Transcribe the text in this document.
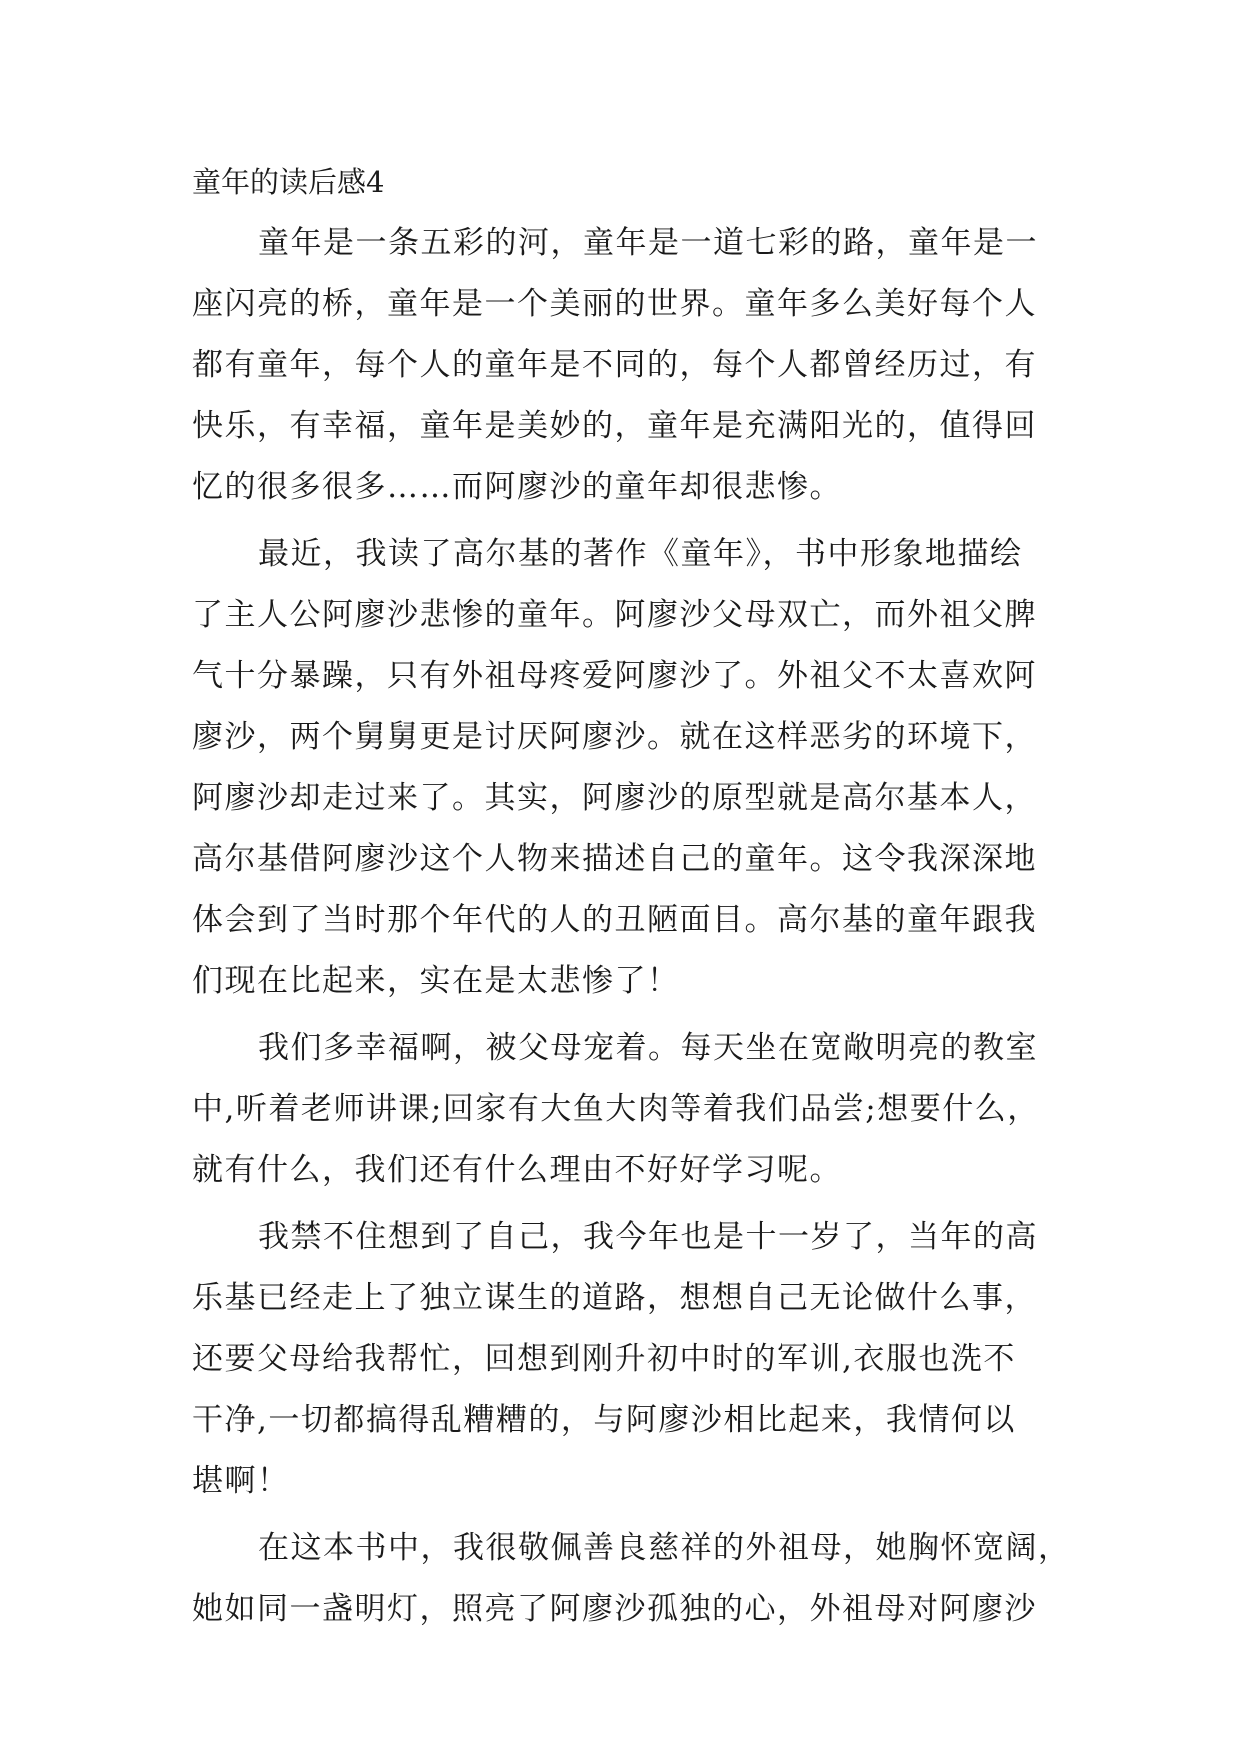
童年的读后感4

童年是一条五彩的河，童年是一道七彩的路，童年是一
座闪亮的桥，童年是一个美丽的世界。童年多么美好每个人
都有童年，每个人的童年是不同的，每个人都曾经历过，有
快乐，有幸福，童年是美妙的，童年是充满阳光的，值得回
忆的很多很多……而阿廖沙的童年却很悲惨。

最近，我读了高尔基的著作《童年》，书中形象地描绘
了主人公阿廖沙悲惨的童年。阿廖沙父母双亡，而外祖父脾
气十分暴躁，只有外祖母疼爱阿廖沙了。外祖父不太喜欢阿
廖沙，两个舅舅更是讨厌阿廖沙。就在这样恶劣的环境下，
阿廖沙却走过来了。其实，阿廖沙的原型就是高尔基本人，
高尔基借阿廖沙这个人物来描述自己的童年。这令我深深地
体会到了当时那个年代的人的丑陋面目。高尔基的童年跟我
们现在比起来，实在是太悲惨了！

我们多幸福啊，被父母宠着。每天坐在宽敞明亮的教室
中,听着老师讲课;回家有大鱼大肉等着我们品尝;想要什么，
就有什么，我们还有什么理由不好好学习呢。

我禁不住想到了自己，我今年也是十一岁了，当年的高
乐基已经走上了独立谋生的道路，想想自己无论做什么事，
还要父母给我帮忙，回想到刚升初中时的军训,衣服也洗不
干净,一切都搞得乱糟糟的，与阿廖沙相比起来，我情何以
堪啊！

在这本书中，我很敬佩善良慈祥的外祖母，她胸怀宽阔，
她如同一盏明灯，照亮了阿廖沙孤独的心，外祖母对阿廖沙
